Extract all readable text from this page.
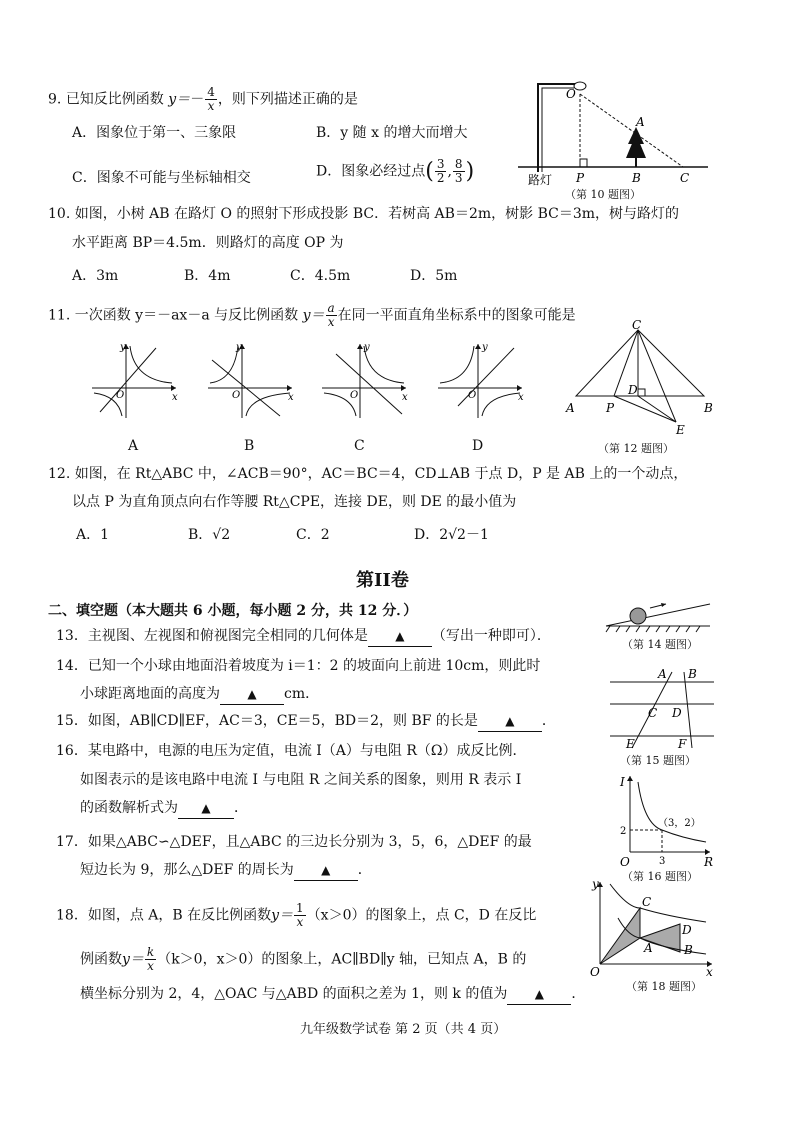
9. 已知反比例函数 $y=- \frac{4}{x}$ ，则下列描述正确的是
A．图象位于第一、三象限	B．y 随 x 的增大而增大
C．图象不可能与坐标轴相交	D．图象必经过点( $\frac{3}{2}$ , $\frac{8}{3}$ )	路灯
O
P	B	C
A
（第 10 题图）
10. 如图，小树 AB 在路灯 O 的照射下形成投影 BC．若树高 AB＝2m，树影 BC＝3m，树与路灯的
水平距离 BP＝4.5m．则路灯的高度 OP 为
A．3m	B．4m	C．4.5m	D．5m
11. 一次函数 y＝－ax－a 与反比例函数 $y= \frac{a}{x}$ 在同一平面直角坐标系中的图象可能是
O	x
y
A
O	x
y
B
O	x
y
C
O	x
y
D
C
A	B
P
D
E
（第 12 题图）
12. 如图，在 Rt△ABC 中，∠ACB＝90°，AC＝BC＝4，CD⊥AB 于点 D，P 是 AB 上的一个动点，
以点 P 为直角顶点向右作等腰 Rt△CPE，连接 DE，则 DE 的最小值为
A．1	B．√2	C．2	D．2√2－1
第II卷
二、填空题（本大题共 6 小题，每小题 2 分，共 12 分．）
13．主视图、左视图和俯视图完全相同的几何体是 ▲ （写出一种即可）．
14．已知一个小球由地面沿着坡度为 i＝1：2 的坡面向上前进 10cm，则此时
小球距离地面的高度为 ▲ cm．
15．如图，AB∥CD∥EF，AC＝3，CE＝5，BD＝2，则 BF 的长是 ▲ ．
16．某电路中，电源的电压为定值，电流 I（A）与电阻 R（Ω）成反比例．
如图表示的是该电路中电流 I 与电阻 R 之间关系的图象，则用 R 表示 I
的函数解析式为 ▲ ．
17．如果△ABC∽△DEF，且△ABC 的三边长分别为 3，5，6，△DEF 的最
短边长为 9，那么△DEF 的周长为 ▲ ．
18．如图，点 A，B 在反比例函数$y= \frac{1}{x} (x>0)$的图象上，点 C，D 在反比
例函数$y= \frac{k}{x} (k>0$，x＞0）的图象上，AC∥BD∥y 轴，已知点 A，B 的
横坐标分别为 2，4，△OAC 与△ABD 的面积之差为 1，则 k 的值为 ▲ ．
（第 14 题图）
A B
C D
E	F
（第 15 题图）
I
R
O
（3，2）
2
3
（第 16 题图）
y
x
O
C
A
D
B
（第 18 题图）
九年级数学试卷 第 2 页（共 4 页）
